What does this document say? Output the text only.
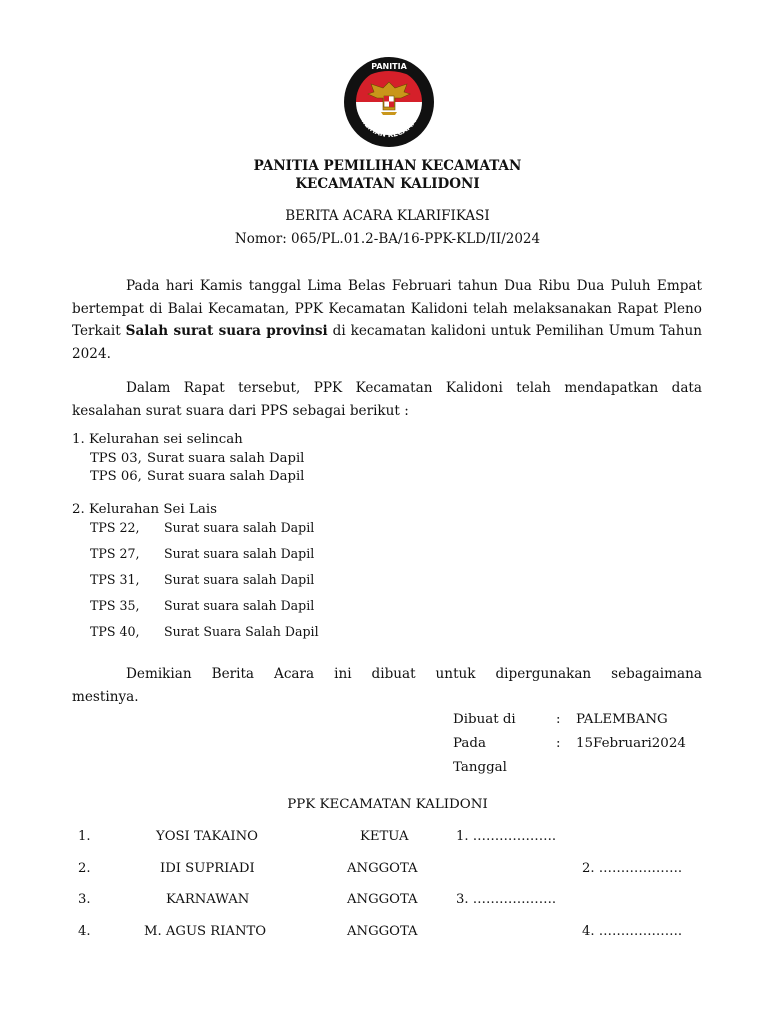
PANITIA
PEMILIHAN KECAMATAN
PANITIA PEMILIHAN KECAMATAN
KECAMATAN KALIDONI
BERITA ACARA KLARIFIKASI
Nomor: 065/PL.01.2-BA/16-PPK-KLD/II/2024

Pada hari Kamis tanggal Lima Belas Februari tahun Dua Ribu Dua Puluh Empat bertempat di Balai Kecamatan, PPK Kecamatan Kalidoni telah melaksanakan Rapat Pleno Terkait Salah surat suara provinsi di kecamatan kalidoni untuk Pemilihan Umum Tahun 2024.

Dalam Rapat tersebut, PPK Kecamatan Kalidoni telah mendapatkan data kesalahan surat suara dari PPS sebagai berikut :

1. Kelurahan sei selincah
TPS 03, Surat suara salah Dapil
TPS 06, Surat suara salah Dapil
2. Kelurahan Sei Lais
TPS 22, Surat suara salah Dapil
TPS 27, Surat suara salah Dapil
TPS 31, Surat suara salah Dapil
TPS 35, Surat suara salah Dapil
TPS 40, Surat Suara Salah Dapil
Demikian Berita Acara ini dibuat untuk dipergunakan sebagaimana
mestinya.
Dibuat di	: PALEMBANG
Pada	: 15Februari2024
Tanggal
PPK KECAMATAN KALIDONI
1.	YOSI TAKAINO	KETUA	1. ……………….
2.	IDI SUPRIADI	ANGGOTA	2. ……………….
3.	KARNAWAN	ANGGOTA	3. ……………….
4.	M. AGUS RIANTO	ANGGOTA	4. ……………….
